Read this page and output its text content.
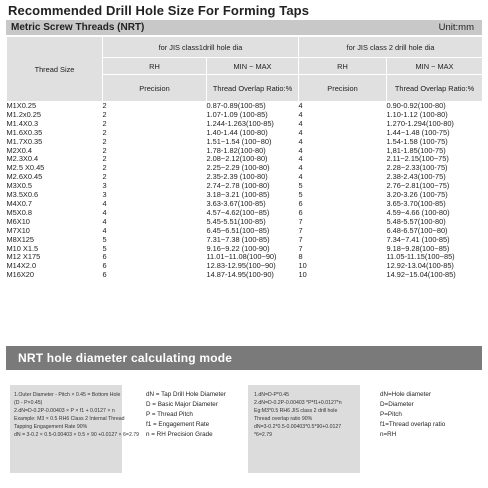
Recommended Drill Hole Size For Forming Taps
Metric Screw Threads (NRT)	Unit:mm
Thread Size	for JIS class1drill hole dia		for JIS class 2 drill hole dia	
	RH	MIN ~ MAX	RH	MIN ~ MAX
	Precision	Thread Overlap Ratio:%	Precision	Thread Overlap Ratio:%
M1X0.25	2	0.87-0.89(100-85)	4	0.90-0.92(100-80)
M1.2x0.25	2	1.07-1.09 (100-85)	4	1.10-1.12 (100-80)
M1.4X0.3	2	1.244-1.263(100-85)	4	1.270-1.294(100-80)
M1.6X0.35	2	1.40-1.44 (100-80)	4	1.44~1.48 (100-75)
M1.7X0.35	2	1.51~1.54 (100~80)	4	1.54-1.58 (100-75)
M2X0.4	2	1.78-1.82(100-80)	4	1,81-1.85(100-75)
M2.3X0.4	2	2.08~2.12(100-80)	4	2.11~2.15(100~75)
M2.5 X0.45	2	2.25~2.29 (100-80)	4	2.28~2.33(100-75)
M2.6X0.45	2	2.35-2.39 (100-80)	4	2.38-2.43(100-75)
M3X0.5	3	2.74~2.78 (100-80)	5	2.76~2.81(100~75)
M3.5X0.6	3	3.18~3.21 (100-85)	5	3.20-3.26 (100-75)
M4X0.7	4	3.63-3.67(100-85)	6	3.65-3.70(100-85)
M5X0.8	4	4.57~4.62(100~85)	6	4.59~4.66 (100-80)
M6X10	4	5.45-5.51(100-85)	7	5.48-5.57(100-80)
M7X10	4	6.45~6.51(100~85)	7	6.48-6.57(100~80)
M8X125	5	7.31~7.38 (100-85)	7	7.34~7.41 (100-85)
M10 X1.5	5	9.16~9.22 (100-90)	7	9.18~9.28(100~85)
M12 X175	6	11.01~11.08(100~90)	8	11.05-11.15(100~85)
M14X2.0	6	12.83-12.95(100~90)	10	12.92-13.04(100-85)
M16X20	6	14.87-14.95(100-90)	10	14.92~15.04(100-85)
NRT hole diameter calculating mode
1.Outer Diameter - Pitch × 0.45 = Bottom Hole
(D - P×0.45)
2.dN=D-0.2P-0.00403 × P × f1 + 0.0127 × n
Example: M3 × 0.5 RH6 Class 2 Internal Thread
Tapping Engagement Rate 90%
dN = 3-0.2 × 0.5-0.00403 × 0.5 × 90 +0.0127 × 6=2.79
dN = Tap Drill Hole Diameter
D = Basic Major Diameter
P = Thread Pitch
f1 = Engagement Rate
n = RH Precision Grade
1.dN=D-P*0.45
2.dN=D-0.2P-0.00403 *P*f1+0.0127*n
Eg:M3*0.5 RH6 JIS class 2 drill hole
Thread overlap ratio 90%
dN=3-0.2*0.5-0.00403*0.5*90+0.0127
*6=2.79
dN=Hole diameter
D=Diameter
P=Pitch
f1=Thread overlap ratio
n=RH
